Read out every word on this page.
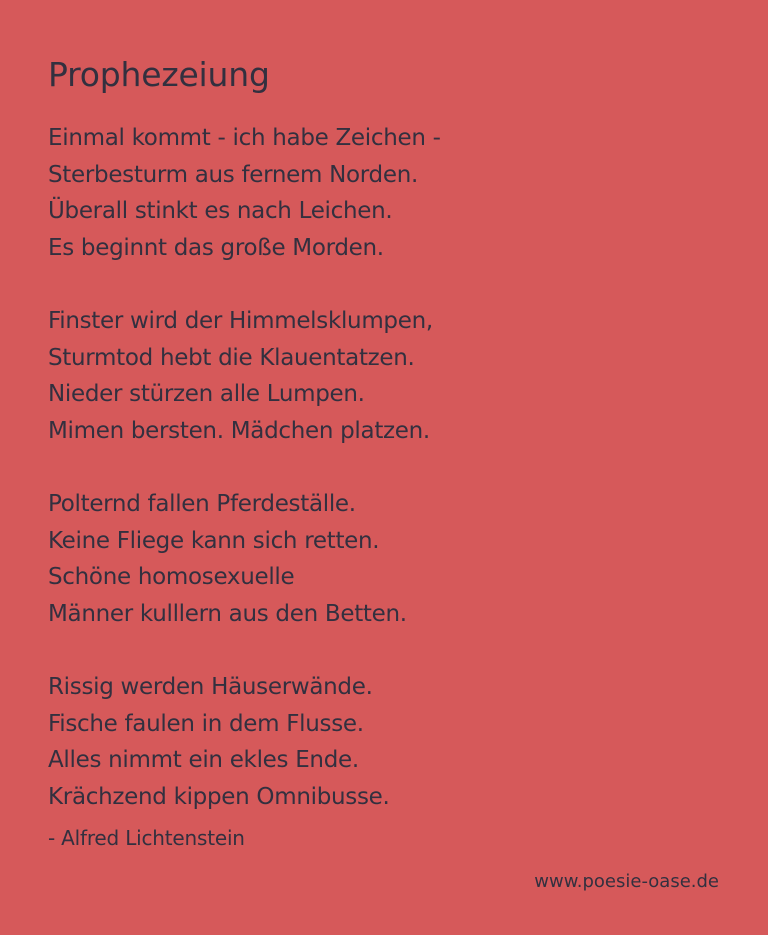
Prophezeiung
Einmal kommt - ich habe Zeichen -
Sterbesturm aus fernem Norden.
Überall stinkt es nach Leichen.
Es beginnt das große Morden.
Finster wird der Himmelsklumpen,
Sturmtod hebt die Klauentatzen.
Nieder stürzen alle Lumpen.
Mimen bersten. Mädchen platzen.
Polternd fallen Pferdeställe.
Keine Fliege kann sich retten.
Schöne homosexuelle
Männer kulllern aus den Betten.
Rissig werden Häuserwände.
Fische faulen in dem Flusse.
Alles nimmt ein ekles Ende.
Krächzend kippen Omnibusse.
- Alfred Lichtenstein
www.poesie-oase.de
